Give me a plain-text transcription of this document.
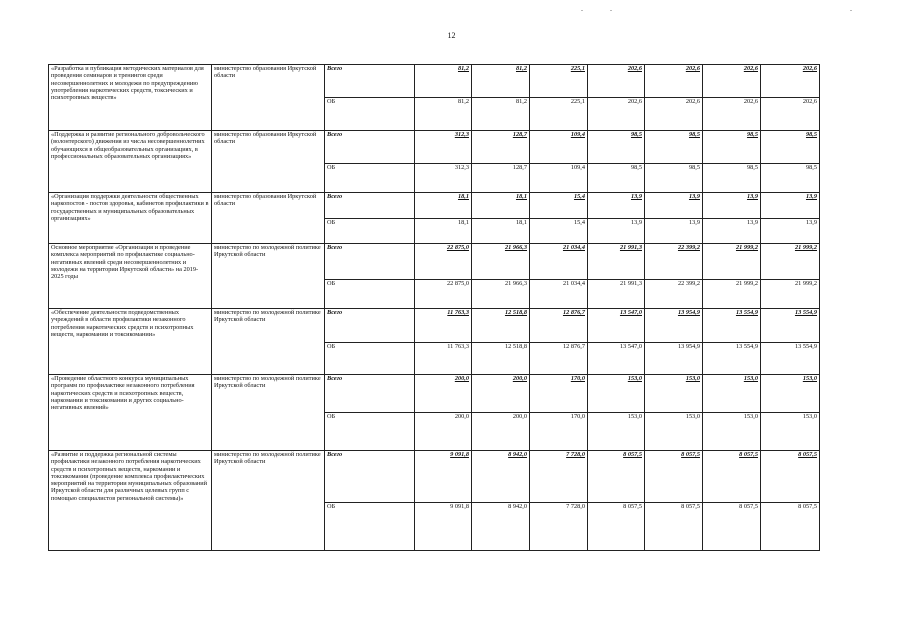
12
«Разработка и публикация методических материалов для проведения семинаров и тренингов среди несовершеннолетних и молодежи по предупреждению употребления наркотических средств, токсических и психотропных веществ»	министерство образования Иркутской области	Всего	81,2	81,2	225,1	202,6	202,6	202,6	202,6
		ОБ	81,2	81,2	225,1	202,6	202,6	202,6	202,6
«Поддержка и развитие регионального добровольческого (волонтерского) движения из числа несовершеннолетних обучающихся в общеобразовательных организациях, в профессиональных образовательных организациях»	министерство образования Иркутской области	Всего	312,3	128,7	109,4	98,5	98,5	98,5	98,5
		ОБ	312,3	128,7	109,4	98,5	98,5	98,5	98,5
«Организация поддержки деятельности общественных наркопостов - постов здоровья, кабинетов профилактики в государственных и муниципальных образовательных организациях»	министерство образования Иркутской области	Всего	18,1	18,1	15,4	13,9	13,9	13,9	13,9
		ОБ	18,1	18,1	15,4	13,9	13,9	13,9	13,9
Основное мероприятие «Организация и проведение комплекса мероприятий по профилактике социально-негативных явлений среди несовершеннолетних и молодежи на территории Иркутской области» на 2019-2025 годы	министерство по молодежной политике Иркутской области	Всего	22 875,0	21 966,3	21 034,4	21 991,3	22 399,2	21 999,2	21 999,2
		ОБ	22 875,0	21 966,3	21 034,4	21 991,3	22 399,2	21 999,2	21 999,2
«Обеспечение деятельности подведомственных учреждений в области профилактики незаконного потребления наркотических средств и психотропных веществ, наркомании и токсикомании»	министерство по молодежной политике Иркутской области	Всего	11 763,3	12 518,8	12 876,7	13 547,0	13 954,9	13 554,9	13 554,9
		ОБ	11 763,3	12 518,8	12 876,7	13 547,0	13 954,9	13 554,9	13 554,9
«Проведение областного конкурса муниципальных программ по профилактике незаконного потребления наркотических средств и психотропных веществ, наркомании и токсикомании и других социально-негативных явлений»	министерство по молодежной политике Иркутской области	Всего	200,0	200,0	170,0	153,0	153,0	153,0	153,0
		ОБ	200,0	200,0	170,0	153,0	153,0	153,0	153,0
«Развитие и поддержка региональной системы профилактики незаконного потребления наркотических средств и психотропных веществ, наркомании и токсикомании (проведение комплекса профилактических мероприятий на территории муниципальных образований Иркутской области для различных целевых групп с помощью специалистов региональной системы)»	министерство по молодежной политике Иркутской области	Всего	9 091,8	8 942,0	7 728,0	8 057,5	8 057,5	8 057,5	8 057,5
		ОБ	9 091,8	8 942,0	7 728,0	8 057,5	8 057,5	8 057,5	8 057,5
